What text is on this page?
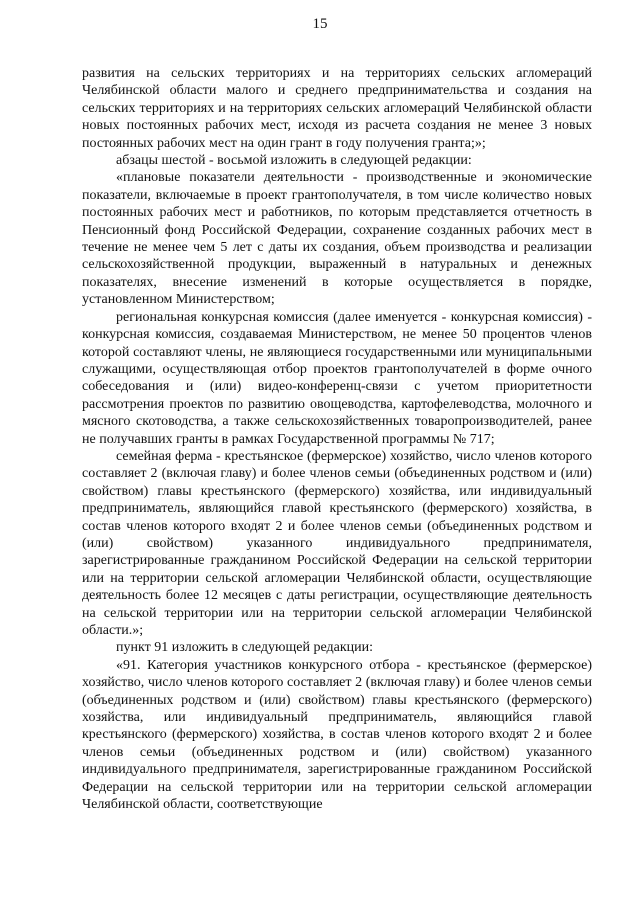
15

развития на сельских территориях и на территориях сельских агломераций Челябинской области малого и среднего предпринимательства и создания на сельских территориях и на территориях сельских агломераций Челябинской области новых постоянных рабочих мест, исходя из расчета создания не менее 3 новых постоянных рабочих мест на один грант в году получения гранта;»;

абзацы шестой - восьмой изложить в следующей редакции:

«плановые показатели деятельности - производственные и экономические показатели, включаемые в проект грантополучателя, в том числе количество новых постоянных рабочих мест и работников, по которым представляется отчетность в Пенсионный фонд Российской Федерации, сохранение созданных рабочих мест в течение не менее чем 5 лет с даты их создания, объем производства и реализации сельскохозяйственной продукции, выраженный в натуральных и денежных показателях, внесение изменений в которые осуществляется в порядке, установленном Министерством;

региональная конкурсная комиссия (далее именуется - конкурсная комиссия) - конкурсная комиссия, создаваемая Министерством, не менее 50 процентов членов которой составляют члены, не являющиеся государственными или муниципальными служащими, осуществляющая отбор проектов грантополучателей в форме очного собеседования и (или) видео-конференц-связи с учетом приоритетности рассмотрения проектов по развитию овощеводства, картофелеводства, молочного и мясного скотоводства, а также сельскохозяйственных товаропроизводителей, ранее не получавших гранты в рамках Государственной программы № 717;

семейная ферма - крестьянское (фермерское) хозяйство, число членов которого составляет 2 (включая главу) и более членов семьи (объединенных родством и (или) свойством) главы крестьянского (фермерского) хозяйства, или индивидуальный предприниматель, являющийся главой крестьянского (фермерского) хозяйства, в состав членов которого входят 2 и более членов семьи (объединенных родством и (или) свойством) указанного индивидуального предпринимателя, зарегистрированные гражданином Российской Федерации на сельской территории или на территории сельской агломерации Челябинской области, осуществляющие деятельность более 12 месяцев с даты регистрации, осуществляющие деятельность на сельской территории или на территории сельской агломерации Челябинской области.»;

пункт 91 изложить в следующей редакции:

«91. Категория участников конкурсного отбора - крестьянское (фермерское) хозяйство, число членов которого составляет 2 (включая главу) и более членов семьи (объединенных родством и (или) свойством) главы крестьянского (фермерского) хозяйства, или индивидуальный предприниматель, являющийся главой крестьянского (фермерского) хозяйства, в состав членов которого входят 2 и более членов семьи (объединенных родством и (или) свойством) указанного индивидуального предпринимателя, зарегистрированные гражданином Российской Федерации на сельской территории или на территории сельской агломерации Челябинской области, соответствующие
